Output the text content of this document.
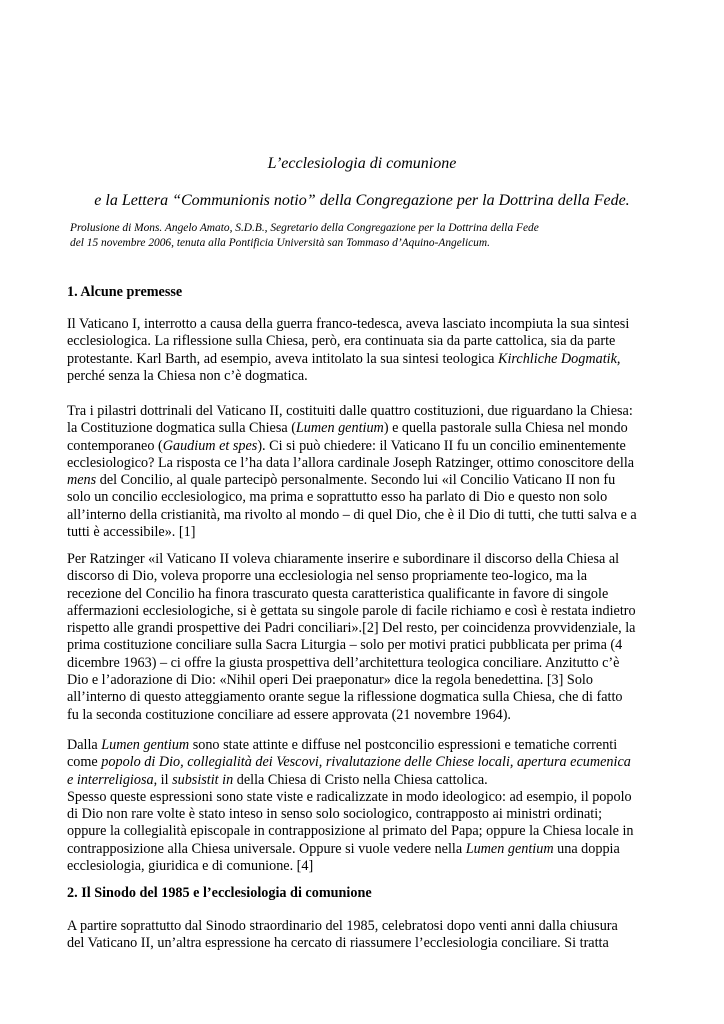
L’ecclesiologia di comunione
e la Lettera “Communionis notio” della Congregazione per la Dottrina della Fede.
Prolusione di Mons. Angelo Amato, S.D.B., Segretario della Congregazione per la Dottrina della Fede
del 15 novembre 2006, tenuta alla Pontificia Università san Tommaso d’Aquino-Angelicum.
1. Alcune premesse
Il Vaticano I, interrotto a causa della guerra franco-tedesca, aveva lasciato incompiuta la sua sintesi
ecclesiologica. La riflessione sulla Chiesa, però, era continuata sia da parte cattolica, sia da parte
protestante. Karl Barth, ad esempio, aveva intitolato la sua sintesi teologica Kirchliche Dogmatik,
perché senza la Chiesa non c’è dogmatica.
Tra i pilastri dottrinali del Vaticano II, costituiti dalle quattro costituzioni, due riguardano la Chiesa:
la Costituzione dogmatica sulla Chiesa (Lumen gentium) e quella pastorale sulla Chiesa nel mondo
contemporaneo (Gaudium et spes). Ci si può chiedere: il Vaticano II fu un concilio eminentemente
ecclesiologico? La risposta ce l’ha data l’allora cardinale Joseph Ratzinger, ottimo conoscitore della
mens del Concilio, al quale partecipò personalmente. Secondo lui «il Concilio Vaticano II non fu
solo un concilio ecclesiologico, ma prima e soprattutto esso ha parlato di Dio e questo non solo
all’interno della cristianità, ma rivolto al mondo – di quel Dio, che è il Dio di tutti, che tutti salva e a
tutti è accessibile». [1]
Per Ratzinger «il Vaticano II voleva chiaramente inserire e subordinare il discorso della Chiesa al
discorso di Dio, voleva proporre una ecclesiologia nel senso propriamente teo-logico, ma la
recezione del Concilio ha finora trascurato questa caratteristica qualificante in favore di singole
affermazioni ecclesiologiche, si è gettata su singole parole di facile richiamo e così è restata indietro
rispetto alle grandi prospettive dei Padri conciliari».[2] Del resto, per coincidenza provvidenziale, la
prima costituzione conciliare sulla Sacra Liturgia – solo per motivi pratici pubblicata per prima (4
dicembre 1963) – ci offre la giusta prospettiva dell’architettura teologica conciliare. Anzitutto c’è
Dio e l’adorazione di Dio: «Nihil operi Dei praeponatur» dice la regola benedettina. [3] Solo
all’interno di questo atteggiamento orante segue la riflessione dogmatica sulla Chiesa, che di fatto
fu la seconda costituzione conciliare ad essere approvata (21 novembre 1964).
Dalla Lumen gentium sono state attinte e diffuse nel postconcilio espressioni e tematiche correnti
come popolo di Dio, collegialità dei Vescovi, rivalutazione delle Chiese locali, apertura ecumenica
e interreligiosa, il subsistit in della Chiesa di Cristo nella Chiesa cattolica.
Spesso queste espressioni sono state viste e radicalizzate in modo ideologico: ad esempio, il popolo
di Dio non rare volte è stato inteso in senso solo sociologico, contrapposto ai ministri ordinati;
oppure la collegialità episcopale in contrapposizione al primato del Papa; oppure la Chiesa locale in
contrapposizione alla Chiesa universale. Oppure si vuole vedere nella Lumen gentium una doppia
ecclesiologia, giuridica e di comunione. [4]
2. Il Sinodo del 1985 e l’ecclesiologia di comunione
A partire soprattutto dal Sinodo straordinario del 1985, celebratosi dopo venti anni dalla chiusura
del Vaticano II, un’altra espressione ha cercato di riassumere l’ecclesiologia conciliare. Si tratta
